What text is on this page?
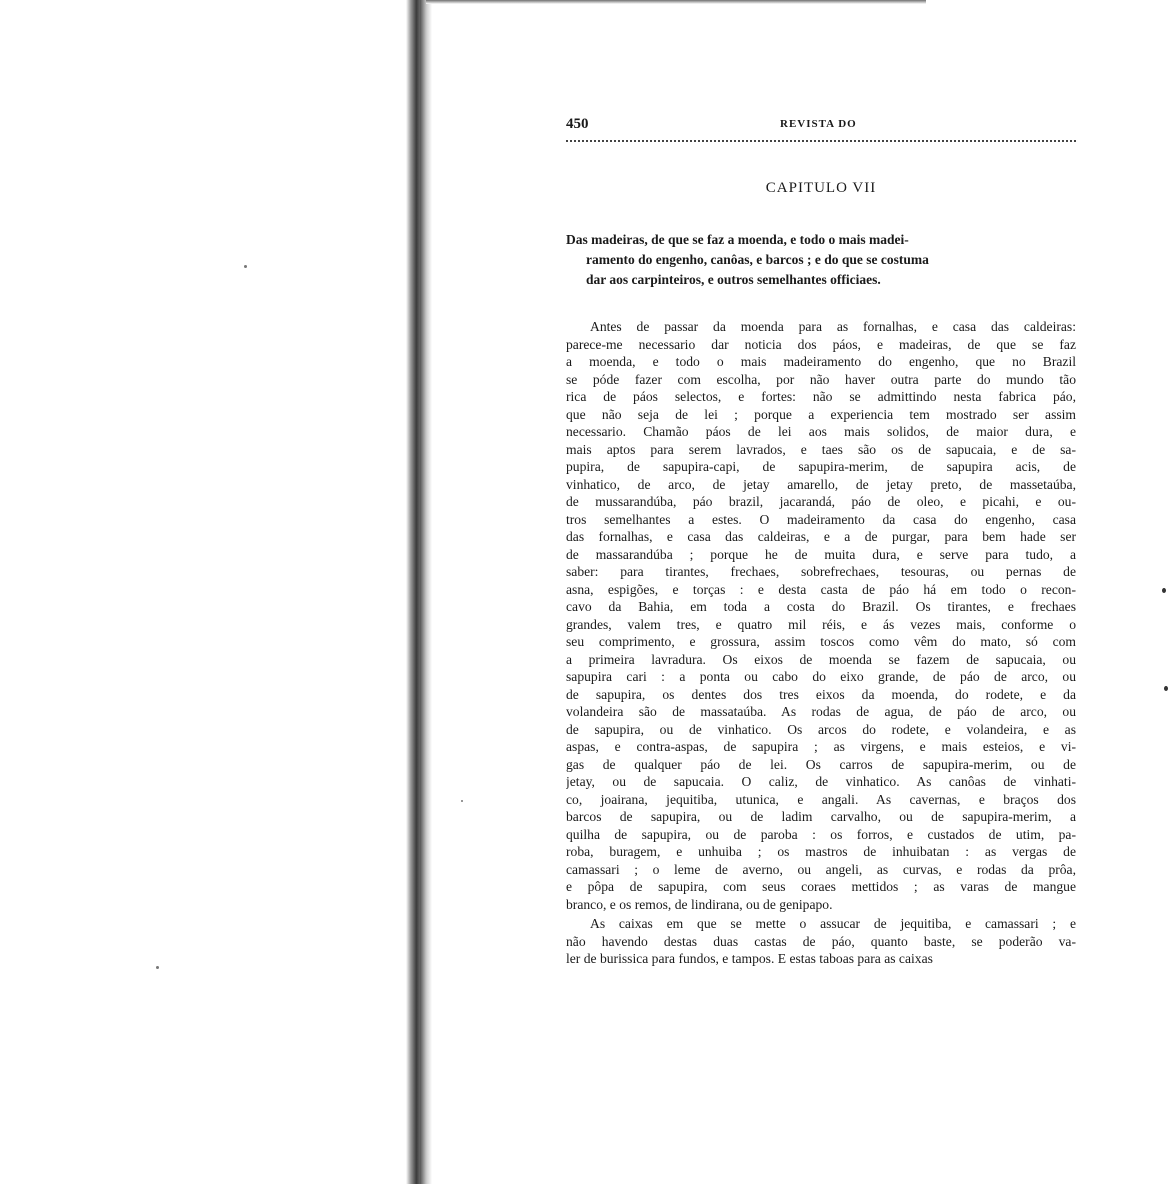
450	REVISTA DO
CAPITULO VII
Das madeiras, de que se faz a moenda, e todo o mais madei-
ramento do engenho, canôas, e barcos ; e do que se costuma
dar aos carpinteiros, e outros semelhantes officiaes.

Antes de passar da moenda para as fornalhas, e casa das caldeiras:
parece-me necessario dar noticia dos páos, e madeiras, de que se faz
a moenda, e todo o mais madeiramento do engenho, que no Brazil
se póde fazer com escolha, por não haver outra parte do mundo tão
rica de páos selectos, e fortes: não se admittindo nesta fabrica páo,
que não seja de lei ; porque a experiencia tem mostrado ser assim
necessario. Chamão páos de lei aos mais solidos, de maior dura, e
mais aptos para serem lavrados, e taes são os de sapucaia, e de sa-
pupira, de sapupira-capi, de sapupira-merim, de sapupira acis, de
vinhatico, de arco, de jetay amarello, de jetay preto, de massetaúba,
de mussarandúba, páo brazil, jacarandá, páo de oleo, e picahi, e ou-
tros semelhantes a estes. O madeiramento da casa do engenho, casa
das fornalhas, e casa das caldeiras, e a de purgar, para bem hade ser
de massarandúba ; porque he de muita dura, e serve para tudo, a
saber: para tirantes, frechaes, sobrefrechaes, tesouras, ou pernas de
asna, espigões, e torças : e desta casta de páo há em todo o recon-
cavo da Bahia, em toda a costa do Brazil. Os tirantes, e frechaes
grandes, valem tres, e quatro mil réis, e ás vezes mais, conforme o
seu comprimento, e grossura, assim toscos como vêm do mato, só com
a primeira lavradura. Os eixos de moenda se fazem de sapucaia, ou
sapupira cari : a ponta ou cabo do eixo grande, de páo de arco, ou
de sapupira, os dentes dos tres eixos da moenda, do rodete, e da
volandeira são de massataúba. As rodas de agua, de páo de arco, ou
de sapupira, ou de vinhatico. Os arcos do rodete, e volandeira, e as
aspas, e contra-aspas, de sapupira ; as virgens, e mais esteios, e vi-
gas de qualquer páo de lei. Os carros de sapupira-merim, ou de
jetay, ou de sapucaia. O caliz, de vinhatico. As canôas de vinhati-
co, joairana, jequitiba, utunica, e angali. As cavernas, e braços dos
barcos de sapupira, ou de ladim carvalho, ou de sapupira-merim, a
quilha de sapupira, ou de paroba : os forros, e custados de utim, pa-
roba, buragem, e unhuiba ; os mastros de inhuibatan : as vergas de
camassari ; o leme de averno, ou angeli, as curvas, e rodas da prôa,
e pôpa de sapupira, com seus coraes mettidos ; as varas de mangue
branco, e os remos, de lindirana, ou de genipapo.

As caixas em que se mette o assucar de jequitiba, e camassari ; e
não havendo destas duas castas de páo, quanto baste, se poderão va-
ler de burissica para fundos, e tampos. E estas taboas para as caixas
